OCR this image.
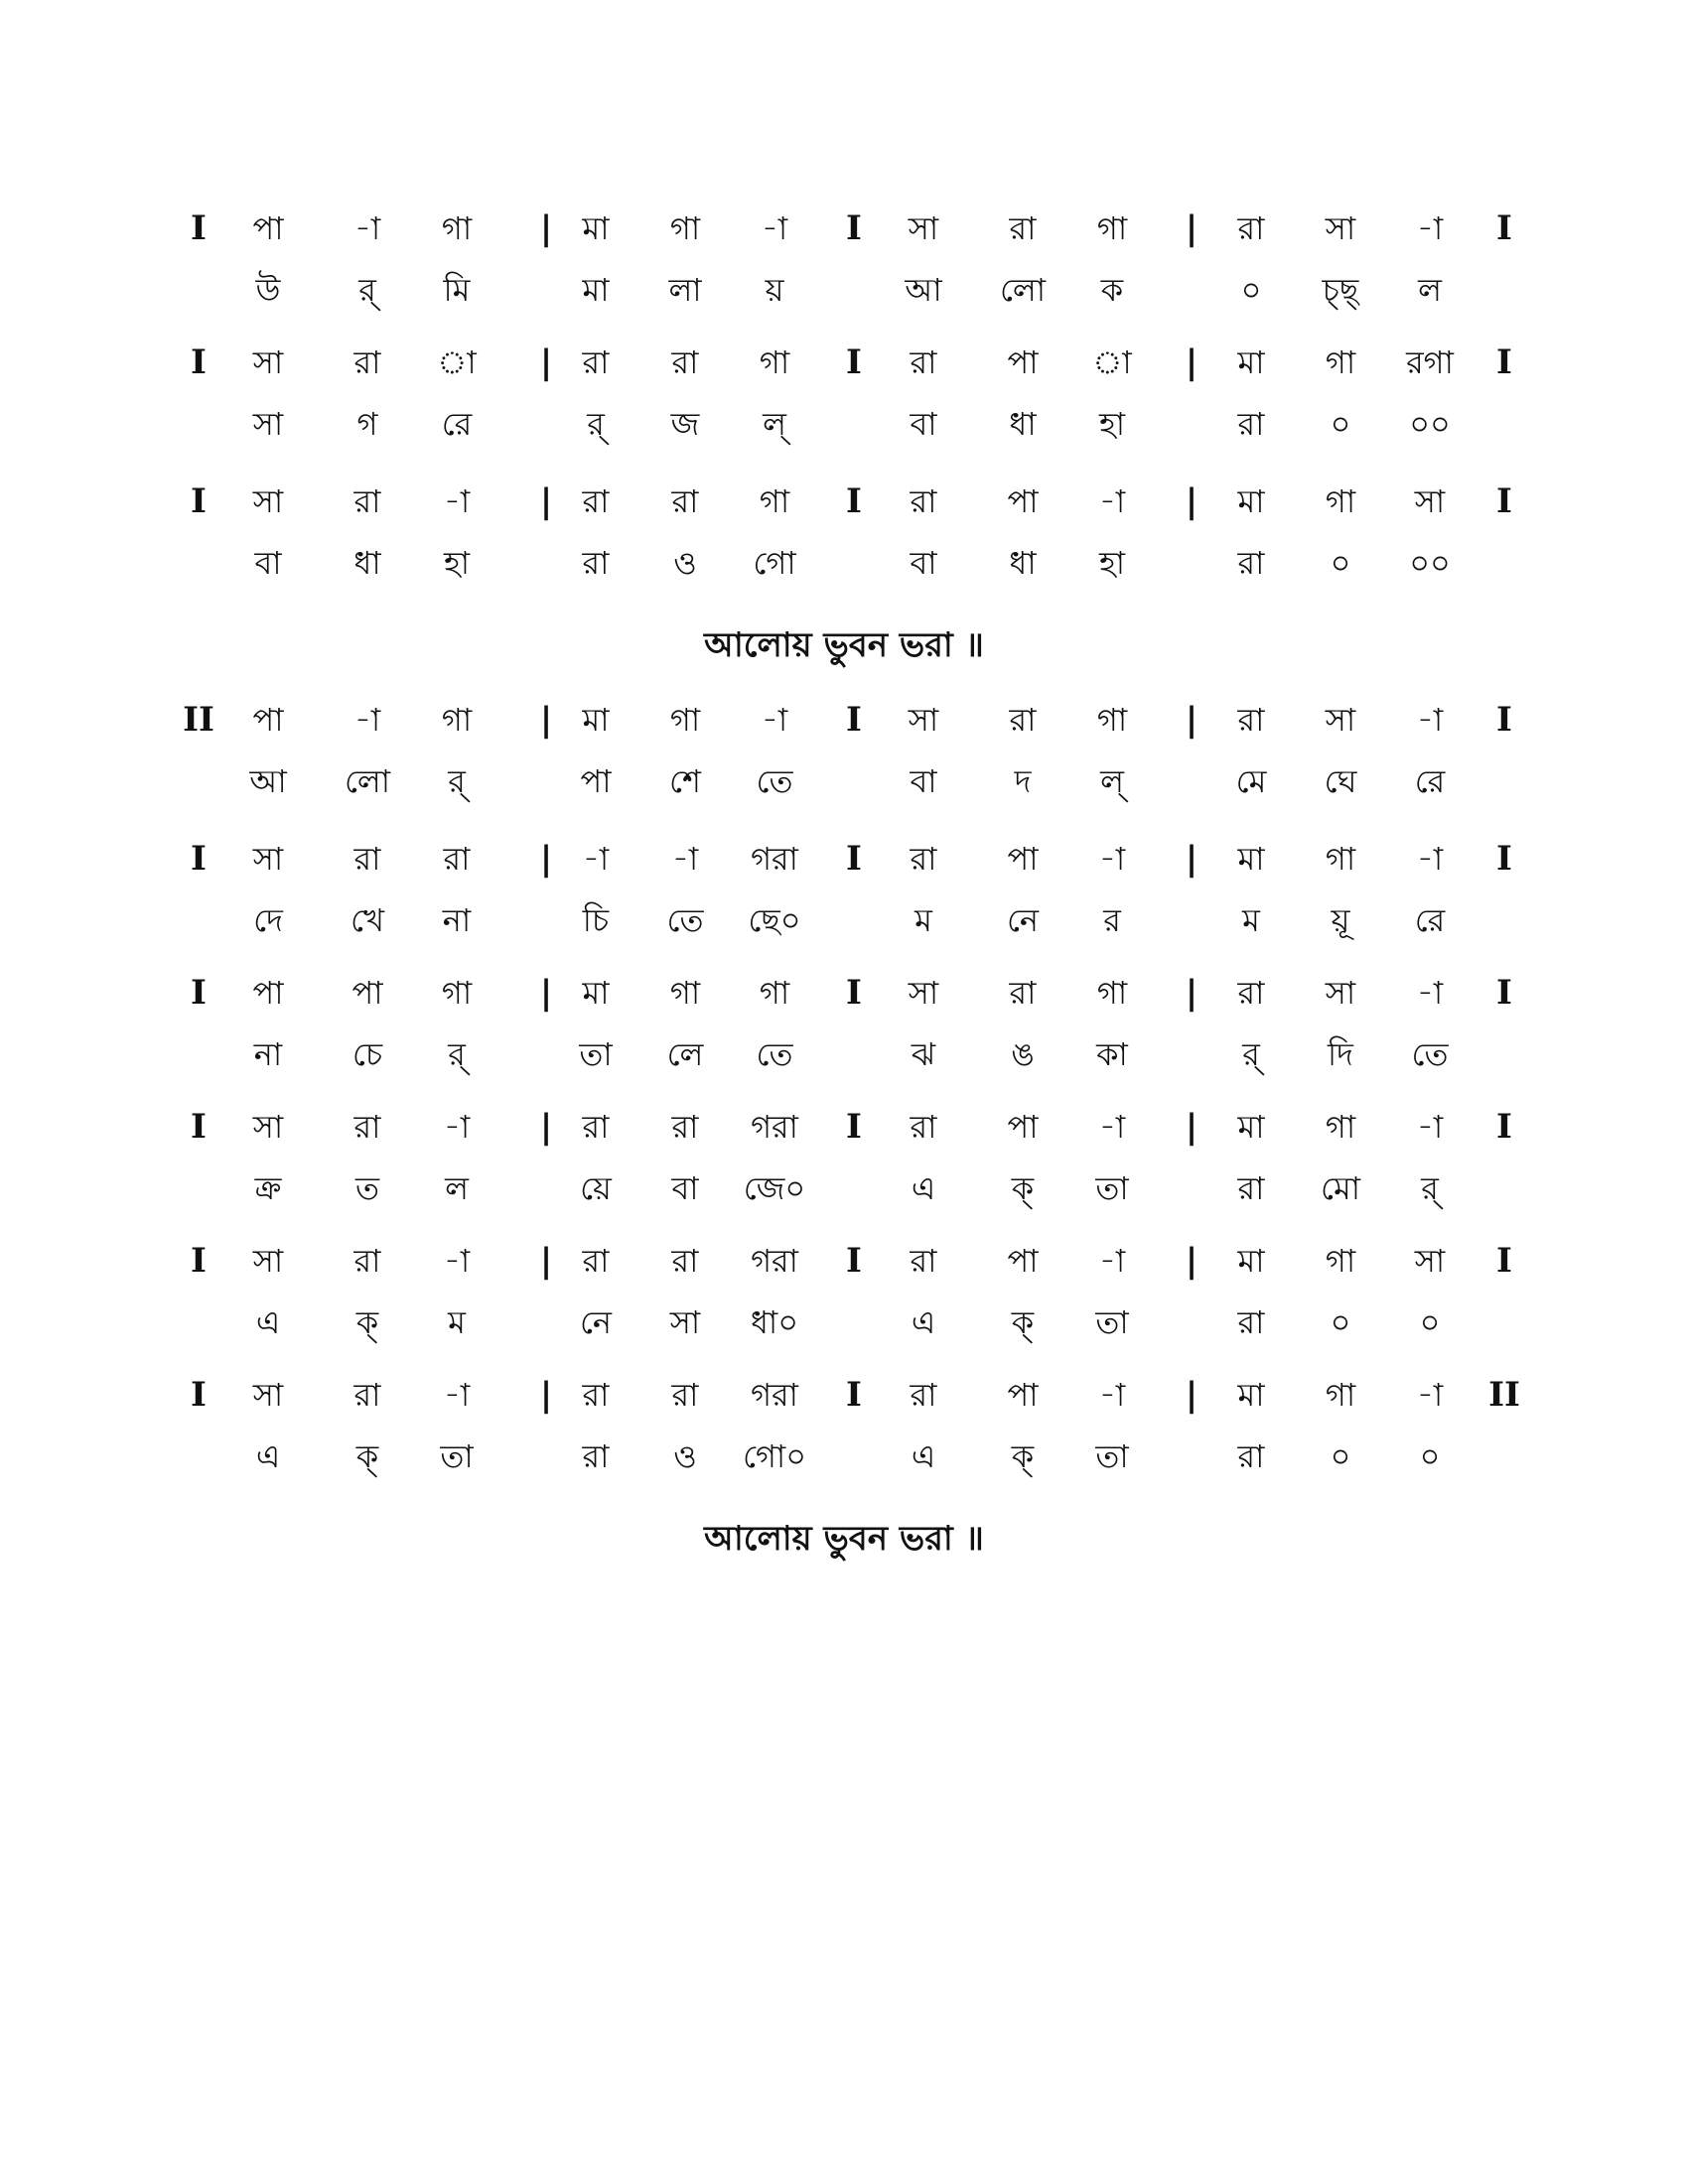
I	পা	-া	গা	| মা	গা	-া	I	সা	রা	গা	|	রা	সা	-া	I
উ	র্	মি	মা	লা	য়	আ	লো	ক	০	চ্ছ্	ল
I	সা	রা	া	| রা	রা	গা	I	রা	পা	া	|	মা	গা	রগা	I
সা	গ	রে	র্	জ	ল্	বা	ধা	হা	রা	০	০০
I	সা	রা	-া	| রা	রা	গা	I	রা	পা	-া	|	মা	গা	সা	I
বা	ধা	হা	রা	ও	গো	বা	ধা	হা	রা	০	০০
আলোয় ভুবন ভরা ॥
II	পা	-া	গা	| মা	গা	-া	I	সা	রা	গা	|	রা	সা	-া	I
আ	লো	র্	পা	শে	তে	বা	দ	ল্	মে	ঘে	রে
I	সা	রা	রা	| -া	-া	গরা	I	রা	পা	-া	|	মা	গা	-া	I
দে	খে	না	চি	তে	ছে০	ম	নে	র	ম	য়ূ	রে
I	পা	পা	গা	| মা	গা	গা	I	সা	রা	গা	|	রা	সা	-া	I
না	চে	র্	তা	লে	তে	ঝ	ঙ	কা	র্	দি	তে
I	সা	রা	-া	| রা	রা	গরা	I	রা	পা	-া	|	মা	গা	-া	I
ক্র	ত	ল	য়ে	বা	জে০	এ	ক্	তা	রা	মো	র্
I	সা	রা	-া	| রা	রা	গরা	I	রা	পা	-া	|	মা	গা	সা	I
এ	ক্	ম	নে	সা	ধা০	এ	ক্	তা	রা	০	০
I	সা	রা	-া	| রা	রা	গরা	I	রা	পা	-া	|	মা	গা	-া	II
এ	ক্	তা	রা	ও	গো০	এ	ক্	তা	রা	০	০
আলোয় ভুবন ভরা ॥
